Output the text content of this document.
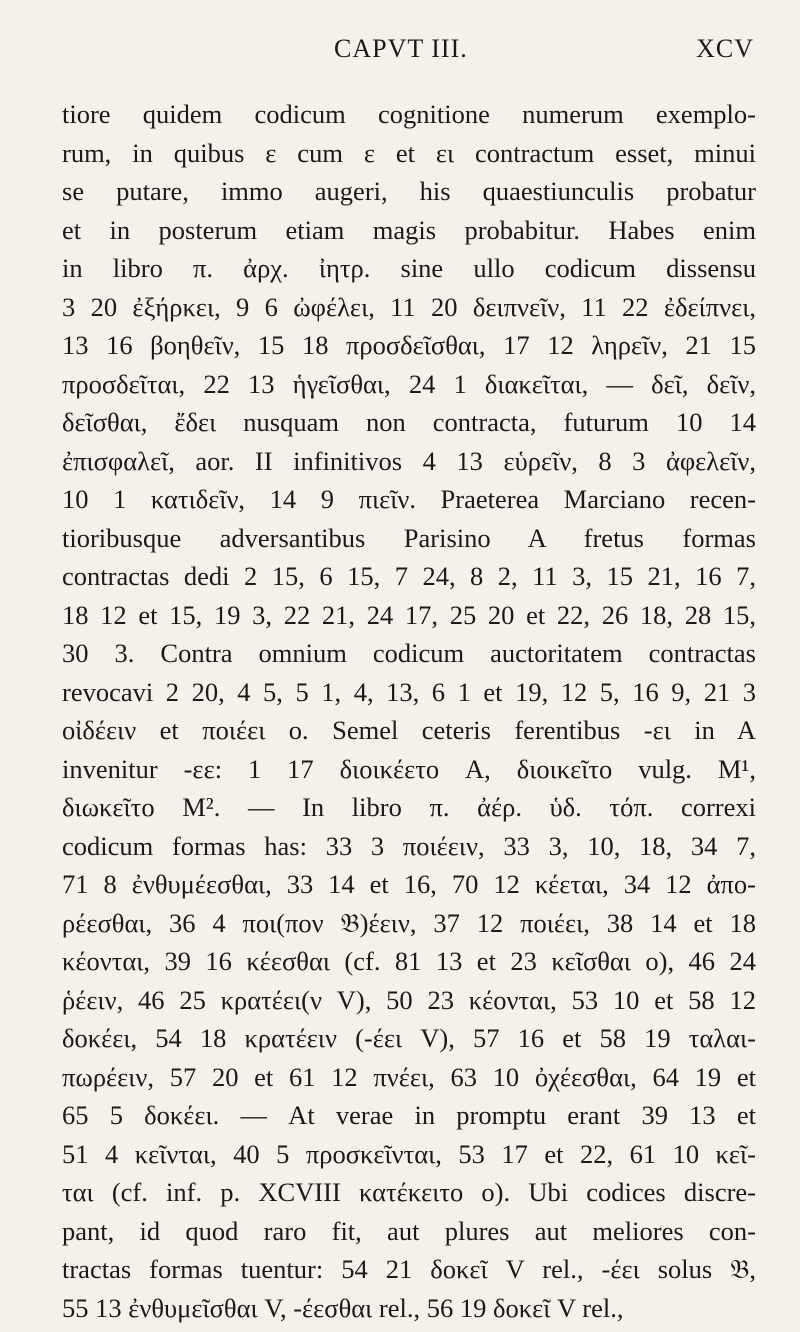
CAPVT III.	XCV
tiore quidem codicum cognitione numerum exemplo-
rum, in quibus ε cum ε et ει contractum esset, minui
se putare, immo augeri, his quaestiunculis probatur
et in posterum etiam magis probabitur. Habes enim
in libro π. ἀρχ. ἰητρ. sine ullo codicum dissensu
3 20 ἐξήρκει, 9 6 ὠφέλει, 11 20 δειπνεῖν, 11 22 ἐδείπνει,
13 16 βοηθεῖν, 15 18 προσδεῖσθαι, 17 12 ληρεῖν, 21 15
προσδεῖται, 22 13 ἡγεῖσθαι, 24 1 διακεῖται, — δεῖ, δεῖν,
δεῖσθαι, ἔδει nusquam non contracta, futurum 10 14
ἐπισφαλεῖ, aor. II infinitivos 4 13 εὑρεῖν, 8 3 ἀφελεῖν,
10 1 κατιδεῖν, 14 9 πιεῖν. Praeterea Marciano recen-
tioribusque adversantibus Parisino A fretus formas
contractas dedi 2 15, 6 15, 7 24, 8 2, 11 3, 15 21, 16 7,
18 12 et 15, 19 3, 22 21, 24 17, 25 20 et 22, 26 18, 28 15,
30 3. Contra omnium codicum auctoritatem contractas
revocavi 2 20, 4 5, 5 1, 4, 13, 6 1 et 19, 12 5, 16 9, 21 3
οἰδέειν et ποιέει o. Semel ceteris ferentibus -ει in A
invenitur -εε: 1 17 διοικέετο A, διοικεῖτο vulg. M¹,
διωκεῖτο M². — In libro π. ἀέρ. ὑδ. τόπ. correxi
codicum formas has: 33 3 ποιέειν, 33 3, 10, 18, 34 7,
71 8 ἐνθυμέεσθαι, 33 14 et 16, 70 12 κέεται, 34 12 ἀπο-
ρέεσθαι, 36 4 ποι(πον 𝔅)έειν, 37 12 ποιέει, 38 14 et 18
κέονται, 39 16 κέεσθαι (cf. 81 13 et 23 κεῖσθαι o), 46 24
ῥέειν, 46 25 κρατέει(ν V), 50 23 κέονται, 53 10 et 58 12
δοκέει, 54 18 κρατέειν (-έει V), 57 16 et 58 19 ταλαι-
πωρέειν, 57 20 et 61 12 πνέει, 63 10 ὀχέεσθαι, 64 19 et
65 5 δοκέει. — At verae in promptu erant 39 13 et
51 4 κεῖνται, 40 5 προσκεῖνται, 53 17 et 22, 61 10 κεῖ-
ται (cf. inf. p. XCVIII κατέκειτο o). Ubi codices discre-
pant, id quod raro fit, aut plures aut meliores con-
tractas formas tuentur: 54 21 δοκεῖ V rel., -έει solus 𝔅,
55 13 ἐνθυμεῖσθαι V, -έεσθαι rel., 56 19 δοκεῖ V rel.,
